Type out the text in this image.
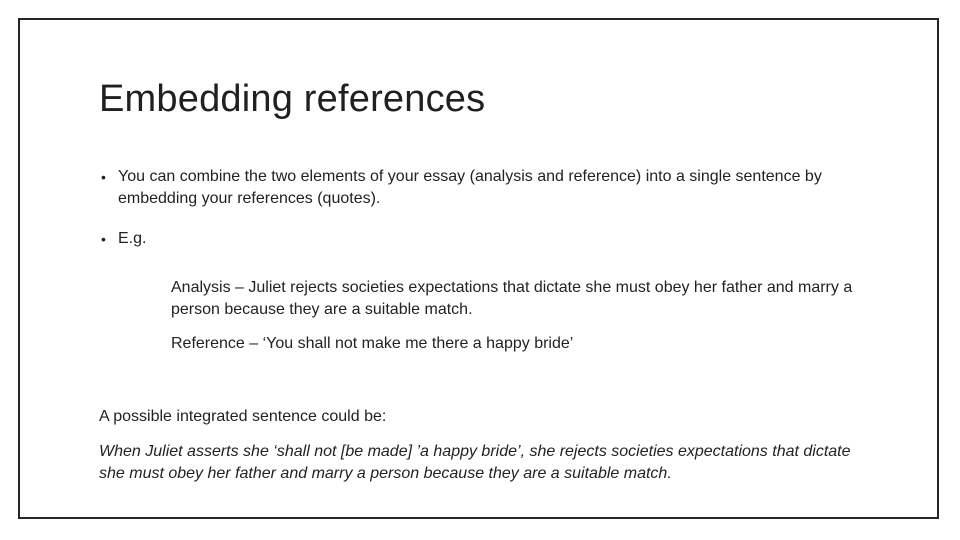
Embedding references
• You can combine the two elements of your essay (analysis and reference) into a single sentence by embedding your references (quotes).
• E.g.
Analysis – Juliet rejects societies expectations that dictate she must obey her father and marry a person because they are a suitable match.
Reference – ‘You shall not make me there a happy bride’
A possible integrated sentence could be:
When Juliet asserts she ‘shall not [be made] ’a happy bride’, she rejects societies expectations that dictate she must obey her father and marry a person because they are a suitable match.
